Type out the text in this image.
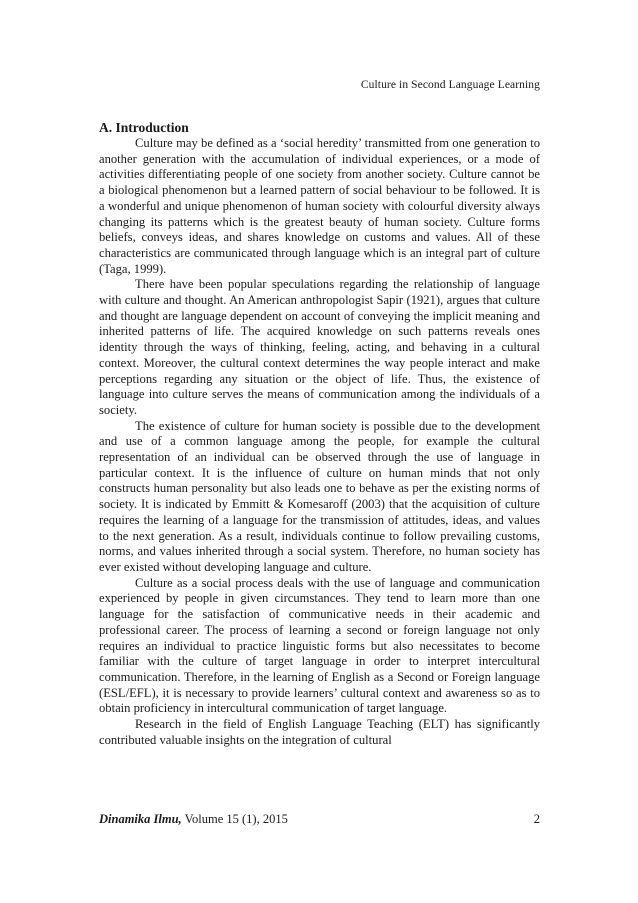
Culture in Second Language Learning
A. Introduction

Culture may be defined as a ‘social heredity’ transmitted from one generation to another generation with the accumulation of individual experiences, or a mode of activities differentiating people of one society from another society. Culture cannot be a biological phenomenon but a learned pattern of social behaviour to be followed. It is a wonderful and unique phenomenon of human society with colourful diversity always changing its patterns which is the greatest beauty of human society. Culture forms beliefs, conveys ideas, and shares knowledge on customs and values. All of these characteristics are communicated through language which is an integral part of culture (Taga, 1999).

There have been popular speculations regarding the relationship of language with culture and thought. An American anthropologist Sapir (1921), argues that culture and thought are language dependent on account of conveying the implicit meaning and inherited patterns of life. The acquired knowledge on such patterns reveals ones identity through the ways of thinking, feeling, acting, and behaving in a cultural context. Moreover, the cultural context determines the way people interact and make perceptions regarding any situation or the object of life. Thus, the existence of language into culture serves the means of communication among the individuals of a society.

The existence of culture for human society is possible due to the development and use of a common language among the people, for example the cultural representation of an individual can be observed through the use of language in particular context. It is the influence of culture on human minds that not only constructs human personality but also leads one to behave as per the existing norms of society. It is indicated by Emmitt & Komesaroff (2003) that the acquisition of culture requires the learning of a language for the transmission of attitudes, ideas, and values to the next generation. As a result, individuals continue to follow prevailing customs, norms, and values inherited through a social system. Therefore, no human society has ever existed without developing language and culture.

Culture as a social process deals with the use of language and communication experienced by people in given circumstances. They tend to learn more than one language for the satisfaction of communicative needs in their academic and professional career. The process of learning a second or foreign language not only requires an individual to practice linguistic forms but also necessitates to become familiar with the culture of target language in order to interpret intercultural communication. Therefore, in the learning of English as a Second or Foreign language (ESL/EFL), it is necessary to provide learners’ cultural context and awareness so as to obtain proficiency in intercultural communication of target language.

Research in the field of English Language Teaching (ELT) has significantly contributed valuable insights on the integration of cultural

Dinamika Ilmu, Volume 15 (1), 2015	2
